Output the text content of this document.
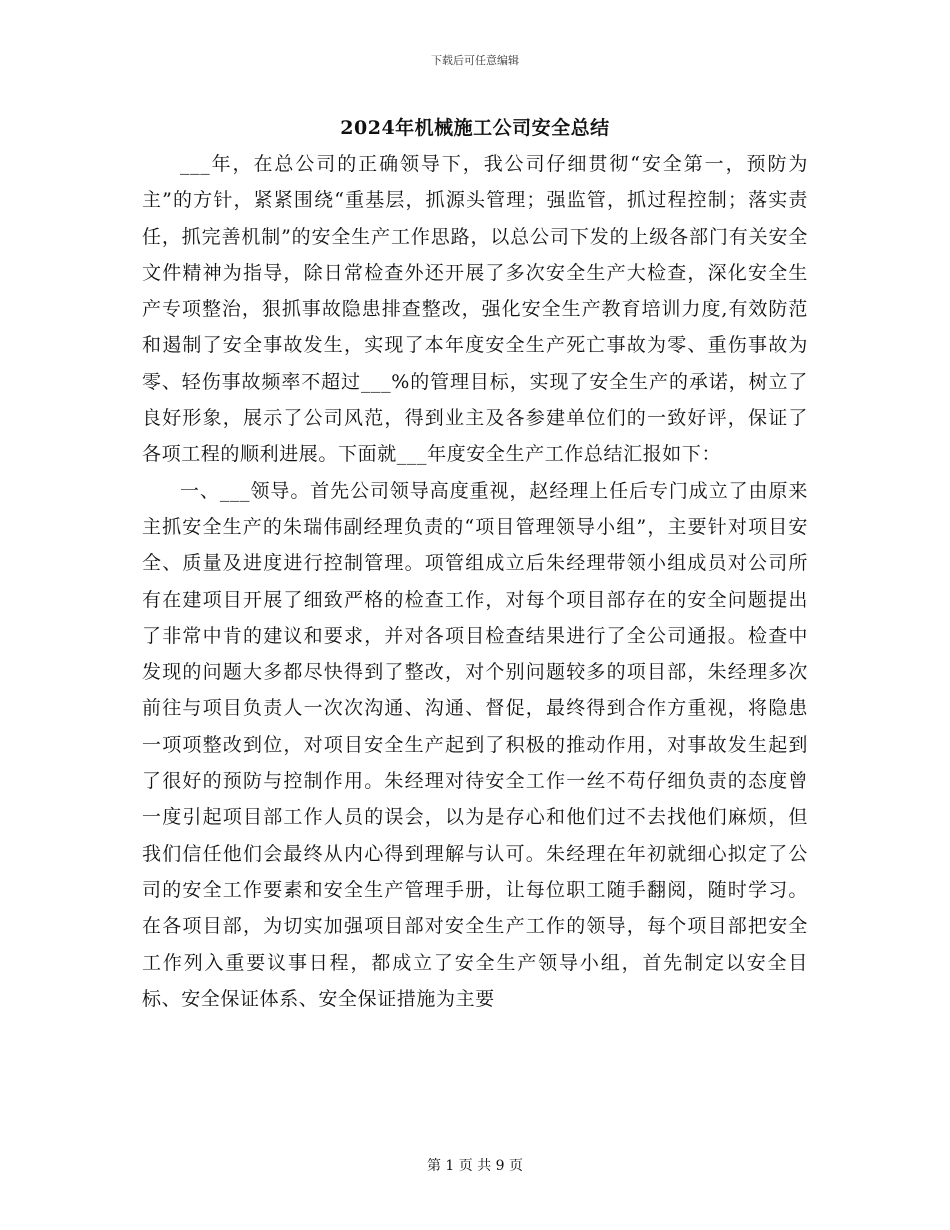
下载后可任意编辑
2024年机械施工公司安全总结

___年，在总公司的正确领导下，我公司仔细贯彻“安全第一，预防为主”的方针，紧紧围绕“重基层，抓源头管理；强监管，抓过程控制；落实责任，抓完善机制”的安全生产工作思路，以总公司下发的上级各部门有关安全文件精神为指导，除日常检查外还开展了多次安全生产大检查，深化安全生产专项整治，狠抓事故隐患排查整改，强化安全生产教育培训力度,有效防范和遏制了安全事故发生，实现了本年度安全生产死亡事故为零、重伤事故为零、轻伤事故频率不超过___%的管理目标，实现了安全生产的承诺，树立了良好形象，展示了公司风范，得到业主及各参建单位们的一致好评，保证了各项工程的顺利进展。下面就___年度安全生产工作总结汇报如下：

一、___领导。首先公司领导高度重视，赵经理上任后专门成立了由原来主抓安全生产的朱瑞伟副经理负责的“项目管理领导小组”，主要针对项目安全、质量及进度进行控制管理。项管组成立后朱经理带领小组成员对公司所有在建项目开展了细致严格的检查工作，对每个项目部存在的安全问题提出了非常中肯的建议和要求，并对各项目检查结果进行了全公司通报。检查中发现的问题大多都尽快得到了整改，对个别问题较多的项目部，朱经理多次前往与项目负责人一次次沟通、沟通、督促，最终得到合作方重视，将隐患一项项整改到位，对项目安全生产起到了积极的推动作用，对事故发生起到了很好的预防与控制作用。朱经理对待安全工作一丝不苟仔细负责的态度曾一度引起项目部工作人员的误会，以为是存心和他们过不去找他们麻烦，但我们信任他们会最终从内心得到理解与认可。朱经理在年初就细心拟定了公司的安全工作要素和安全生产管理手册，让每位职工随手翻阅，随时学习。在各项目部，为切实加强项目部对安全生产工作的领导，每个项目部把安全工作列入重要议事日程，都成立了安全生产领导小组，首先制定以安全目标、安全保证体系、安全保证措施为主要

第 1 页 共 9 页
